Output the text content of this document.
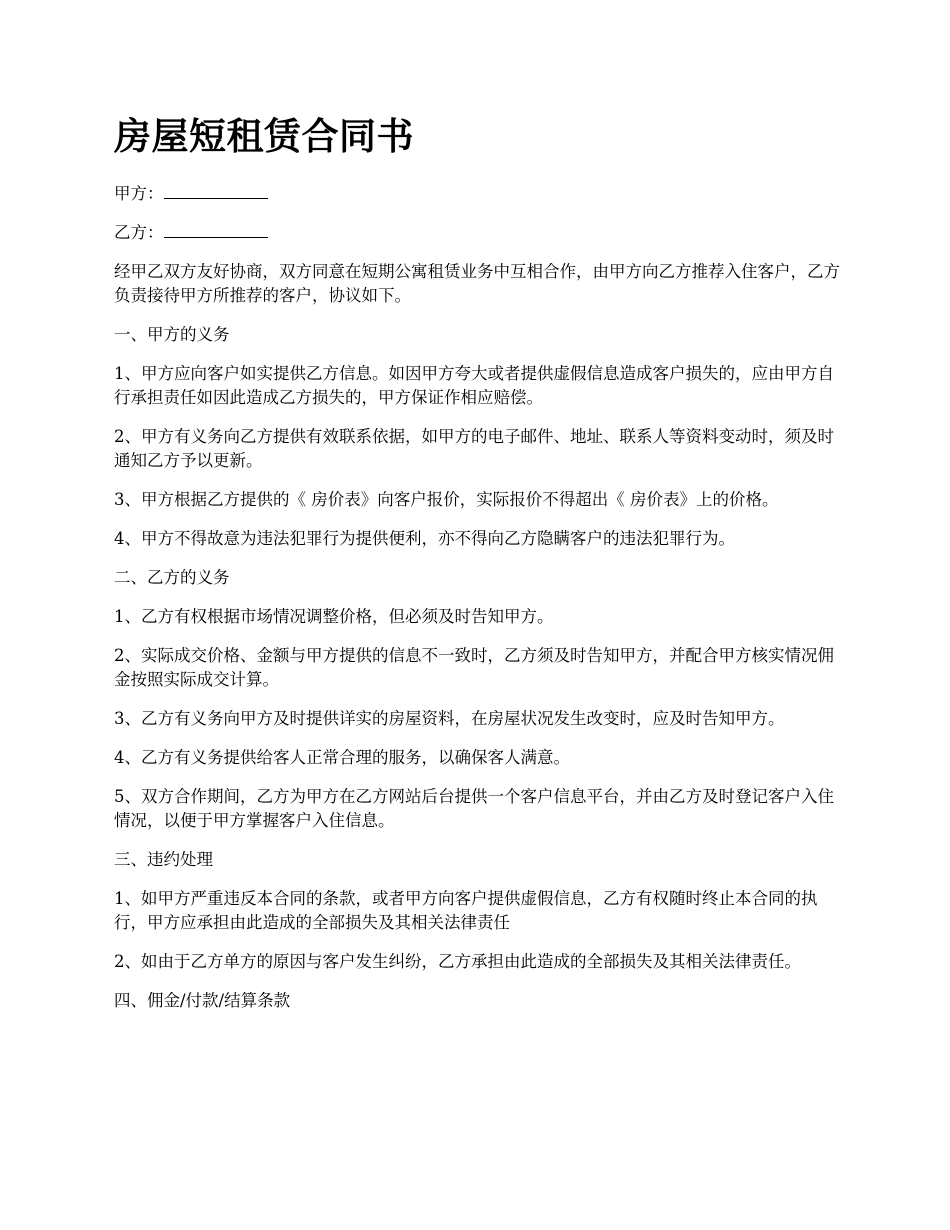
房屋短租赁合同书

甲方：

乙方：

经甲乙双方友好协商，双方同意在短期公寓租赁业务中互相合作，由甲方向乙方推荐入住客户，乙方负责接待甲方所推荐的客户，协议如下。

一、甲方的义务

1、甲方应向客户如实提供乙方信息。如因甲方夸大或者提供虚假信息造成客户损失的，应由甲方自行承担责任如因此造成乙方损失的，甲方保证作相应赔偿。

2、甲方有义务向乙方提供有效联系依据，如甲方的电子邮件、地址、联系人等资料变动时，须及时通知乙方予以更新。

3、甲方根据乙方提供的《 房价表》向客户报价，实际报价不得超出《 房价表》上的价格。

4、甲方不得故意为违法犯罪行为提供便利，亦不得向乙方隐瞒客户的违法犯罪行为。

二、乙方的义务

1、乙方有权根据市场情况调整价格，但必须及时告知甲方。

2、实际成交价格、金额与甲方提供的信息不一致时，乙方须及时告知甲方，并配合甲方核实情况佣金按照实际成交计算。

3、乙方有义务向甲方及时提供详实的房屋资料，在房屋状况发生改变时，应及时告知甲方。

4、乙方有义务提供给客人正常合理的服务，以确保客人满意。

5、双方合作期间，乙方为甲方在乙方网站后台提供一个客户信息平台，并由乙方及时登记客户入住情况，以便于甲方掌握客户入住信息。

三、违约处理

1、如甲方严重违反本合同的条款，或者甲方向客户提供虚假信息，乙方有权随时终止本合同的执行，甲方应承担由此造成的全部损失及其相关法律责任

2、如由于乙方单方的原因与客户发生纠纷，乙方承担由此造成的全部损失及其相关法律责任。

四、佣金/付款/结算条款
